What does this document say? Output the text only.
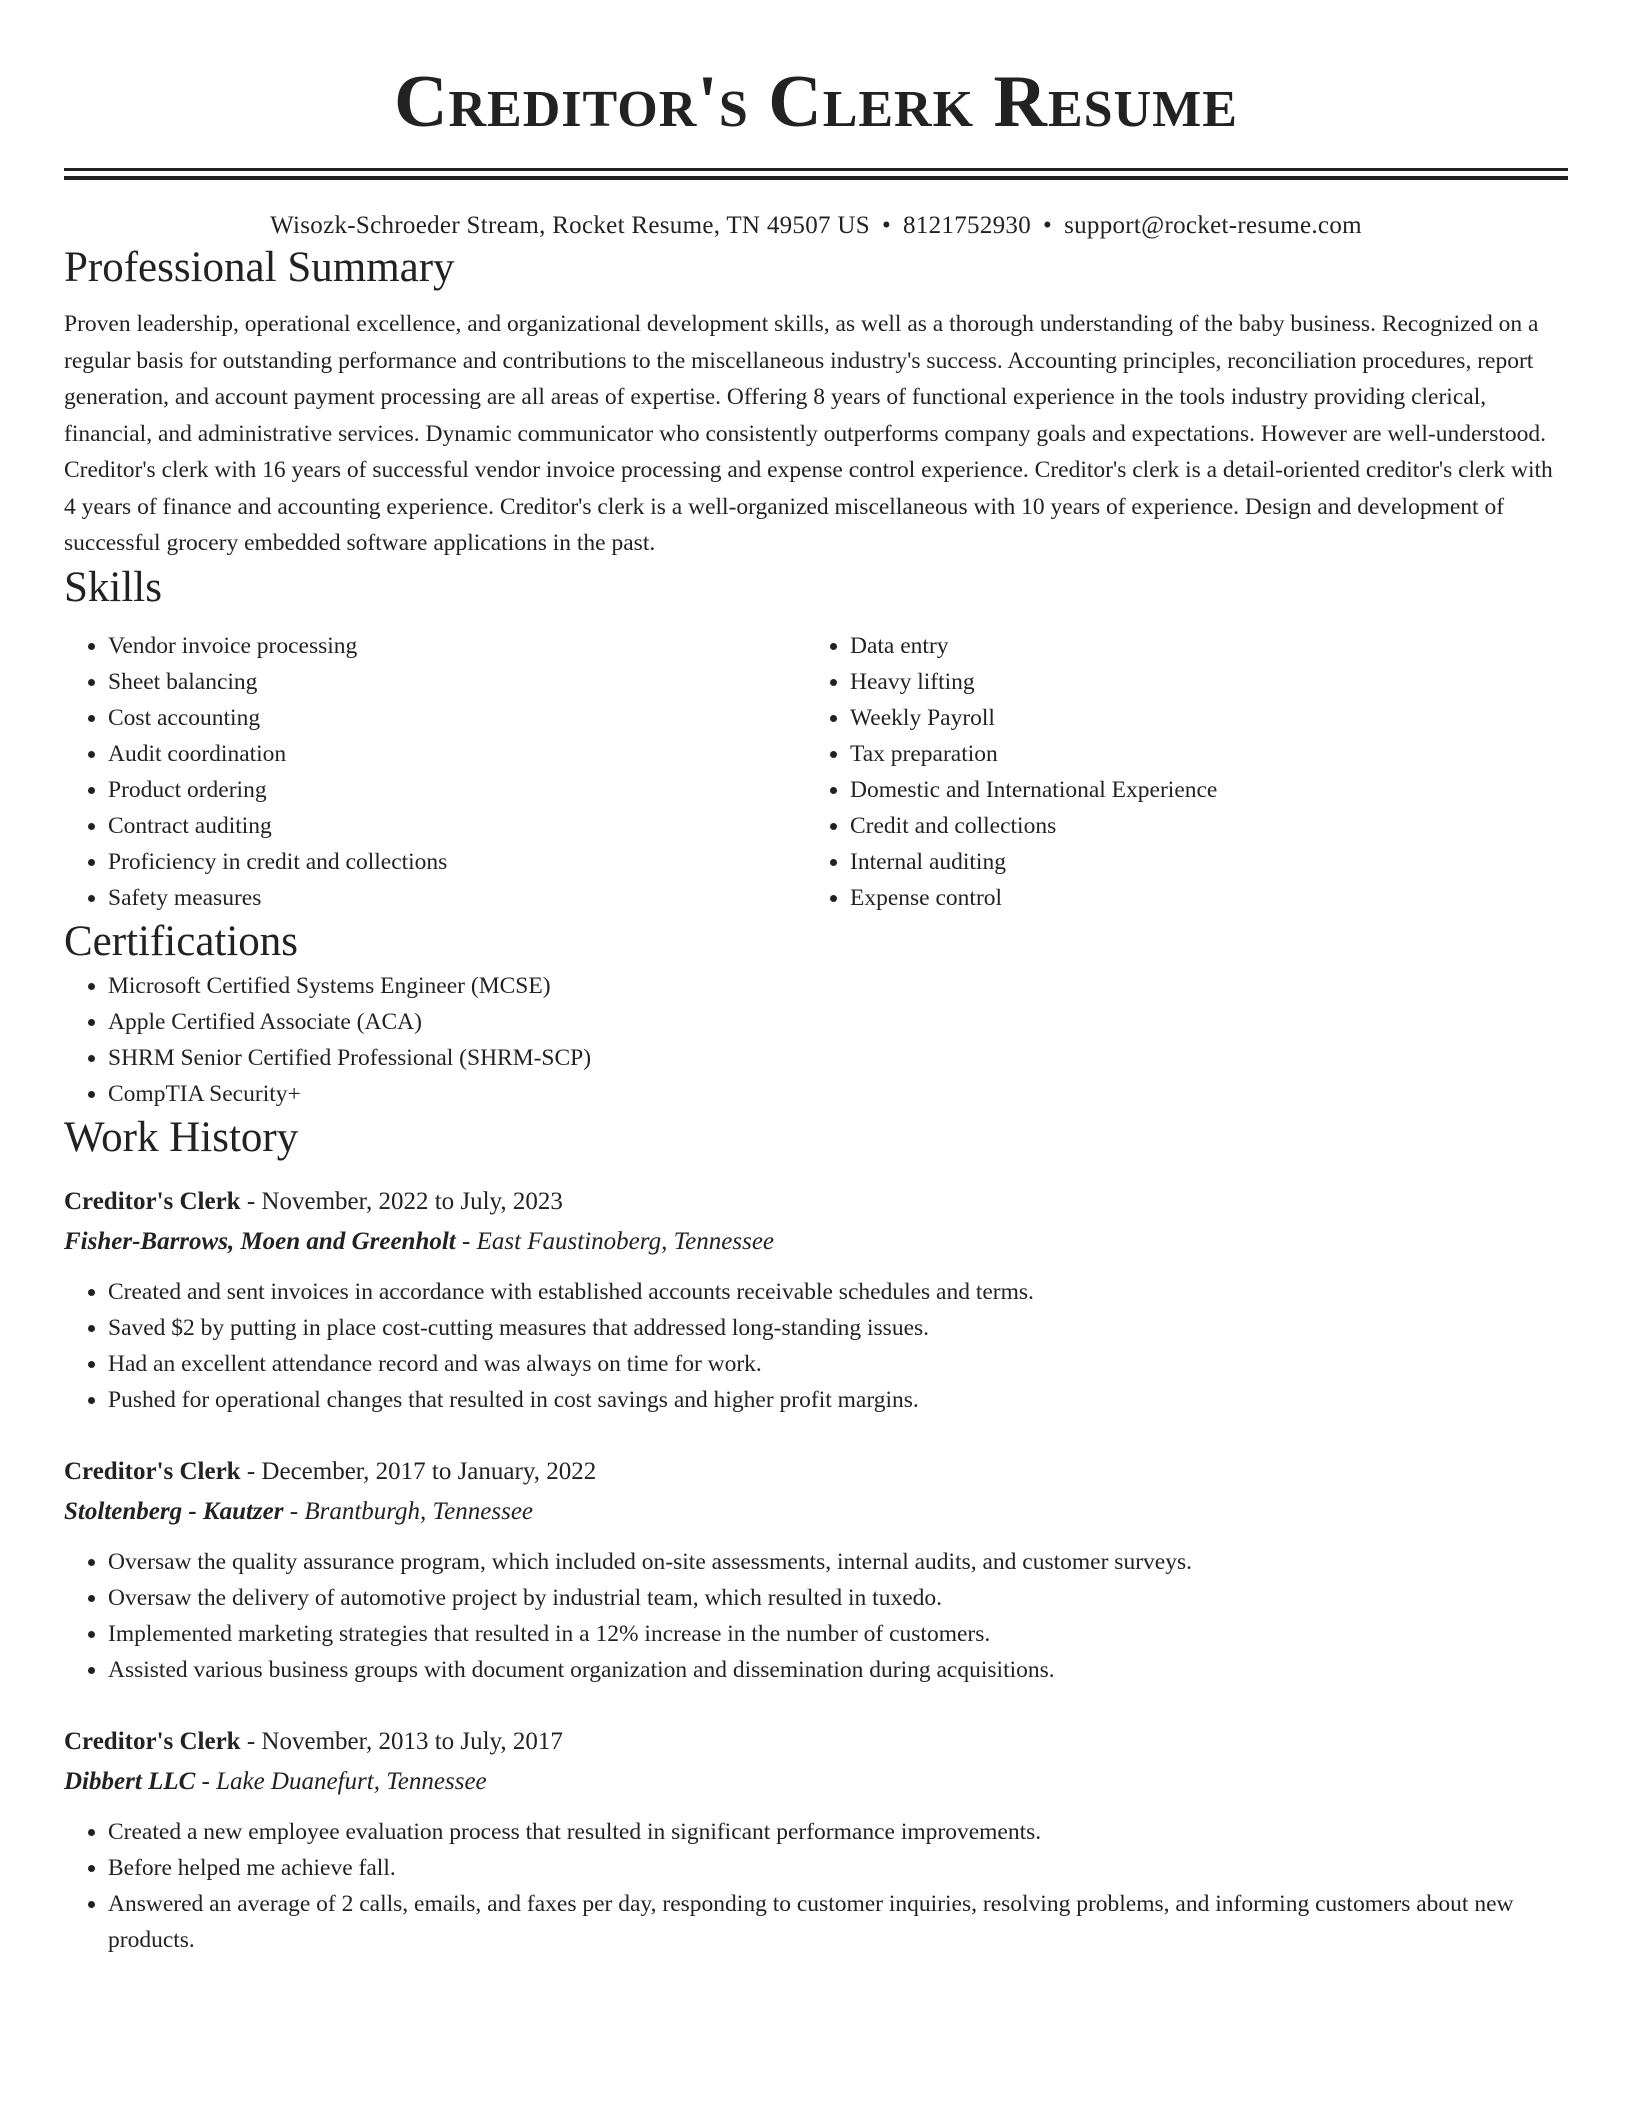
Creditor's Clerk Resume
Wisozk-Schroeder Stream, Rocket Resume, TN 49507 US • 8121752930 • support@rocket-resume.com
Professional Summary

Proven leadership, operational excellence, and organizational development skills, as well as a thorough understanding of the baby business. Recognized on a regular basis for outstanding performance and contributions to the miscellaneous industry's success. Accounting principles, reconciliation procedures, report generation, and account payment processing are all areas of expertise. Offering 8 years of functional experience in the tools industry providing clerical, financial, and administrative services. Dynamic communicator who consistently outperforms company goals and expectations. However are well-understood. Creditor's clerk with 16 years of successful vendor invoice processing and expense control experience. Creditor's clerk is a detail-oriented creditor's clerk with 4 years of finance and accounting experience. Creditor's clerk is a well-organized miscellaneous with 10 years of experience. Design and development of successful grocery embedded software applications in the past.

Skills
• Vendor invoice processing
• Sheet balancing
• Cost accounting
• Audit coordination
• Product ordering
• Contract auditing
• Proficiency in credit and collections
• Safety measures
• Data entry
• Heavy lifting
• Weekly Payroll
• Tax preparation
• Domestic and International Experience
• Credit and collections
• Internal auditing
• Expense control
Certifications
• Microsoft Certified Systems Engineer (MCSE)
• Apple Certified Associate (ACA)
• SHRM Senior Certified Professional (SHRM-SCP)
• CompTIA Security+
Work History
Creditor's Clerk - November, 2022 to July, 2023
Fisher-Barrows, Moen and Greenholt - East Faustinoberg, Tennessee
• Created and sent invoices in accordance with established accounts receivable schedules and terms.
• Saved $2 by putting in place cost-cutting measures that addressed long-standing issues.
• Had an excellent attendance record and was always on time for work.
• Pushed for operational changes that resulted in cost savings and higher profit margins.
Creditor's Clerk - December, 2017 to January, 2022
Stoltenberg - Kautzer - Brantburgh, Tennessee
• Oversaw the quality assurance program, which included on-site assessments, internal audits, and customer surveys.
• Oversaw the delivery of automotive project by industrial team, which resulted in tuxedo.
• Implemented marketing strategies that resulted in a 12% increase in the number of customers.
• Assisted various business groups with document organization and dissemination during acquisitions.
Creditor's Clerk - November, 2013 to July, 2017
Dibbert LLC - Lake Duanefurt, Tennessee
• Created a new employee evaluation process that resulted in significant performance improvements.
• Before helped me achieve fall.
• Answered an average of 2 calls, emails, and faxes per day, responding to customer inquiries, resolving problems, and informing customers about new products.
